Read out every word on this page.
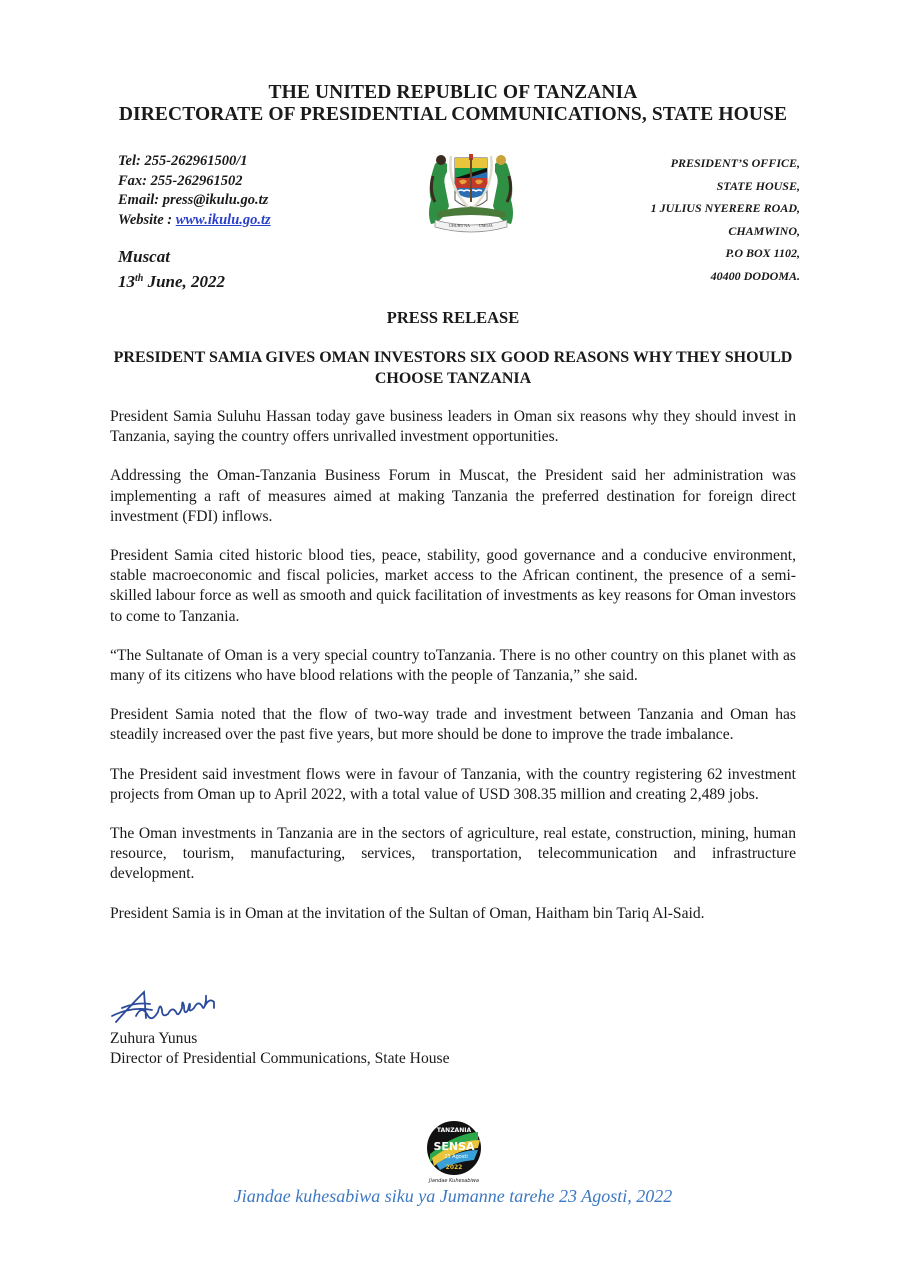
THE UNITED REPUBLIC OF TANZANIA
DIRECTORATE OF PRESIDENTIAL COMMUNICATIONS, STATE HOUSE
Tel: 255-262961500/1
Fax: 255-262961502
Email: press@ikulu.go.tz
Website : www.ikulu.go.tz
Muscat
13th June, 2022
UHURU NA UMOJA
PRESIDENT’S OFFICE,
STATE HOUSE,
1 JULIUS NYERERE ROAD,
CHAMWINO,
P.O BOX 1102,
40400 DODOMA.
PRESS RELEASE
PRESIDENT SAMIA GIVES OMAN INVESTORS SIX GOOD REASONS WHY THEY SHOULD CHOOSE TANZANIA

President Samia Suluhu Hassan today gave business leaders in Oman six reasons why they should invest in Tanzania, saying the country offers unrivalled investment opportunities.

Addressing the Oman-Tanzania Business Forum in Muscat, the President said her administration was implementing a raft of measures aimed at making Tanzania the preferred destination for foreign direct investment (FDI) inflows.

President Samia cited historic blood ties, peace, stability, good governance and a conducive environment, stable macroeconomic and fiscal policies, market access to the African continent, the presence of a semi-skilled labour force as well as smooth and quick facilitation of investments as key reasons for Oman investors to come to Tanzania.

“The Sultanate of Oman is a very special country toTanzania. There is no other country on this planet with as many of its citizens who have blood relations with the people of Tanzania,” she said.

President Samia noted that the flow of two-way trade and investment between Tanzania and Oman has steadily increased over the past five years, but more should be done to improve the trade imbalance.

The President said investment flows were in favour of Tanzania, with the country registering 62 investment projects from Oman up to April 2022, with a total value of USD 308.35 million and creating 2,489 jobs.

The Oman investments in Tanzania are in the sectors of agriculture, real estate, construction, mining, human resource, tourism, manufacturing, services, transportation, telecommunication and infrastructure development.

President Samia is in Oman at the invitation of the Sultan of Oman, Haitham bin Tariq Al-Said.

Zuhura Yunus
Director of Presidential Communications, State House
TANZANIA
SENSA
23 Agosti
2022
Jiandae Kuhesabiwa
Jiandae kuhesabiwa siku ya Jumanne tarehe 23 Agosti, 2022
